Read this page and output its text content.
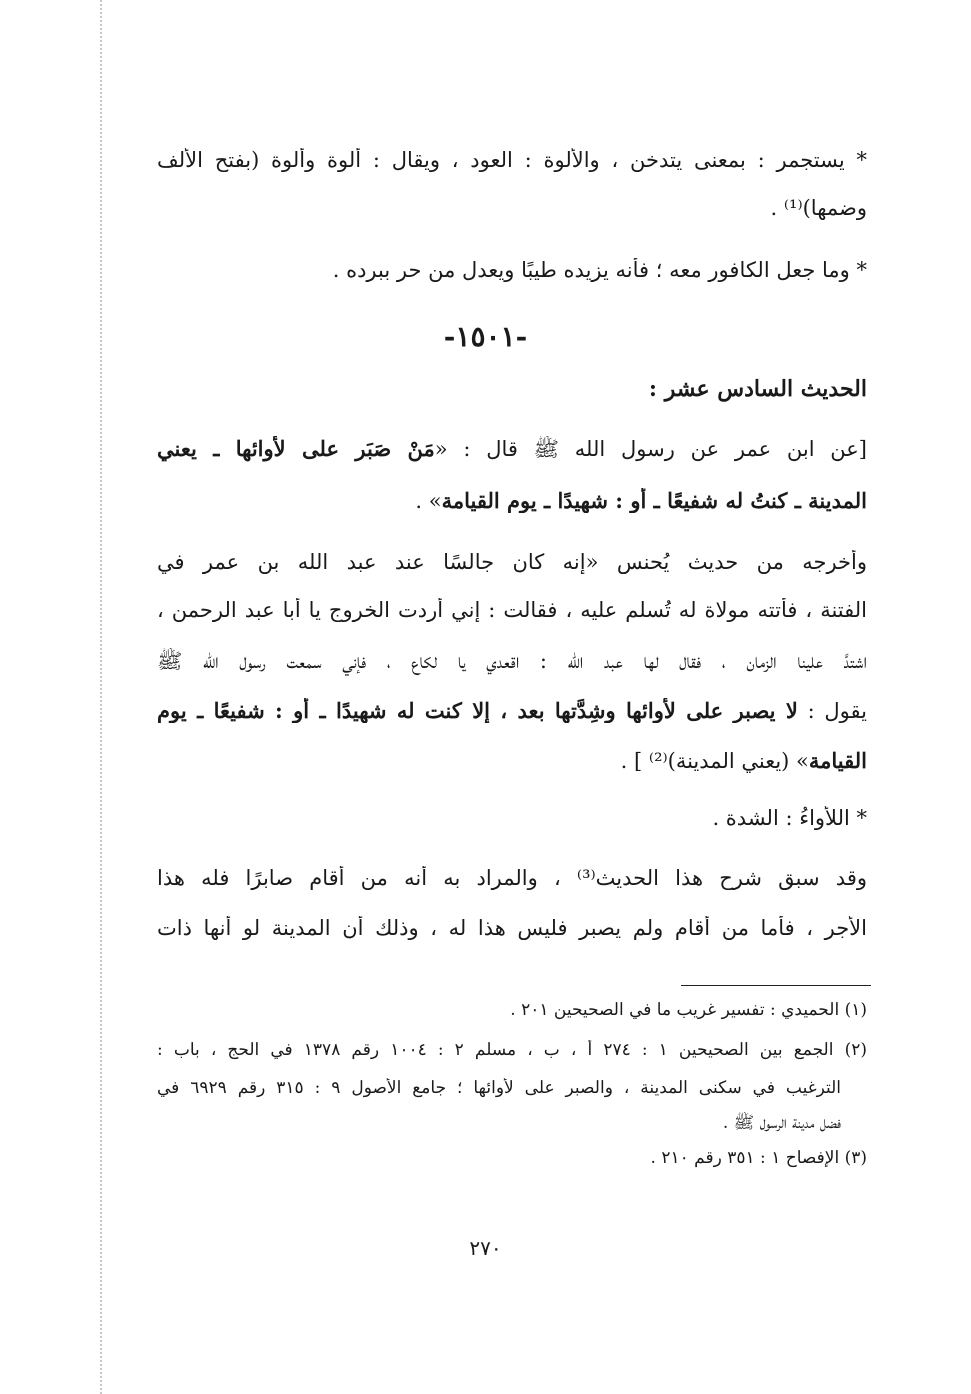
* يستجمر : بمعنى يتدخن ، والألوة : العود ، ويقال : ألوة وألوة (بفتح الألف
وضمها)⁽¹⁾ .
* وما جعل الكافور معه ؛ فأنه يزيده طيبًا ويعدل من حر ببرده .
-١٥٠١-
الحديث السادس عشر :
[عن ابن عمر عن رسول الله ﷺ قال : «مَنْ صَبَر على لأوائها ـ يعني
المدينة ـ كنتُ له شفيعًا ـ أو : شهيدًا ـ يوم القيامة» .
وأخرجه من حديث يُحنس «إنه كان جالسًا عند عبد الله بن عمر في
الفتنة ، فأتته مولاة له تُسلم عليه ، فقالت : إني أردت الخروج يا أبا عبد الرحمن ،
اشتدَّ علينا الزمان ، فقال لها عبد الله : اقعدي يا لكاع ، فإني سمعت رسول الله ﷺ
يقول : لا يصبر على لأوائها وشِدَّتها بعد ، إلا كنت له شهيدًا ـ أو : شفيعًا ـ يوم
القيامة» (يعني المدينة)⁽²⁾ ] .
* اللأواءُ : الشدة .
وقد سبق شرح هذا الحديث⁽³⁾ ، والمراد به أنه من أقام صابرًا فله هذا
الأجر ، فأما من أقام ولم يصبر فليس هذا له ، وذلك أن المدينة لو أنها ذات
(١) الحميدي : تفسير غريب ما في الصحيحين ٢٠١ .
(٢) الجمع بين الصحيحين ١ : ٢٧٤ أ ، ب ، مسلم ٢ : ١٠٠٤ رقم ١٣٧٨ في الحج ، باب :
الترغيب في سكنى المدينة ، والصبر على لأوائها ؛ جامع الأصول ٩ : ٣١٥ رقم ٦٩٢٩ في
فضل مدينة الرسول ﷺ .
(٣) الإفصاح ١ : ٣٥١ رقم ٢١٠ .
٢٧٠
